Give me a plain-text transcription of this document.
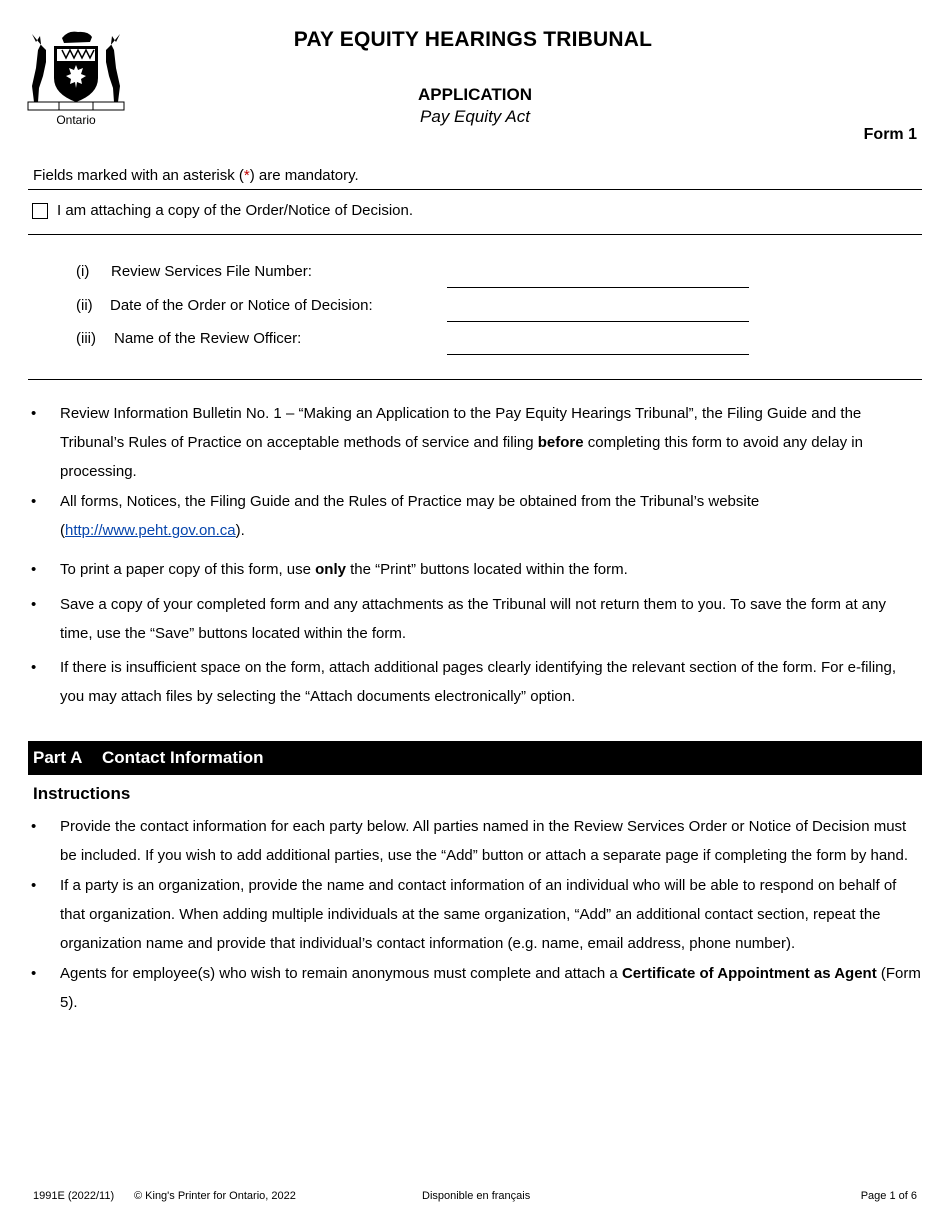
Ontario
PAY EQUITY HEARINGS TRIBUNAL
APPLICATION
Pay Equity Act
Form 1
Fields marked with an asterisk (*) are mandatory.
I am attaching a copy of the Order/Notice of Decision.
(i) Review Services File Number:
(ii) Date of the Order or Notice of Decision:
(iii) Name of the Review Officer:
• Review Information Bulletin No. 1 – “Making an Application to the Pay Equity Hearings Tribunal”, the Filing Guide and the Tribunal’s Rules of Practice on acceptable methods of service and filing before completing this form to avoid any delay in processing.
• All forms, Notices, the Filing Guide and the Rules of Practice may be obtained from the Tribunal’s website (http://www.peht.gov.on.ca).
• To print a paper copy of this form, use only the “Print” buttons located within the form.
• Save a copy of your completed form and any attachments as the Tribunal will not return them to you. To save the form at any time, use the “Save” buttons located within the form.
• If there is insufficient space on the form, attach additional pages clearly identifying the relevant section of the form. For e-filing, you may attach files by selecting the “Attach documents electronically” option.
Part A Contact Information
Instructions
• Provide the contact information for each party below. All parties named in the Review Services Order or Notice of Decision must be included. If you wish to add additional parties, use the “Add” button or attach a separate page if completing the form by hand.
• If a party is an organization, provide the name and contact information of an individual who will be able to respond on behalf of that organization. When adding multiple individuals at the same organization, “Add” an additional contact section, repeat the organization name and provide that individual’s contact information (e.g. name, email address, phone number).
• Agents for employee(s) who wish to remain anonymous must complete and attach a Certificate of Appointment as Agent (Form 5).
1991E (2022/11) © King's Printer for Ontario, 2022	Disponible en français	Page 1 of 6
